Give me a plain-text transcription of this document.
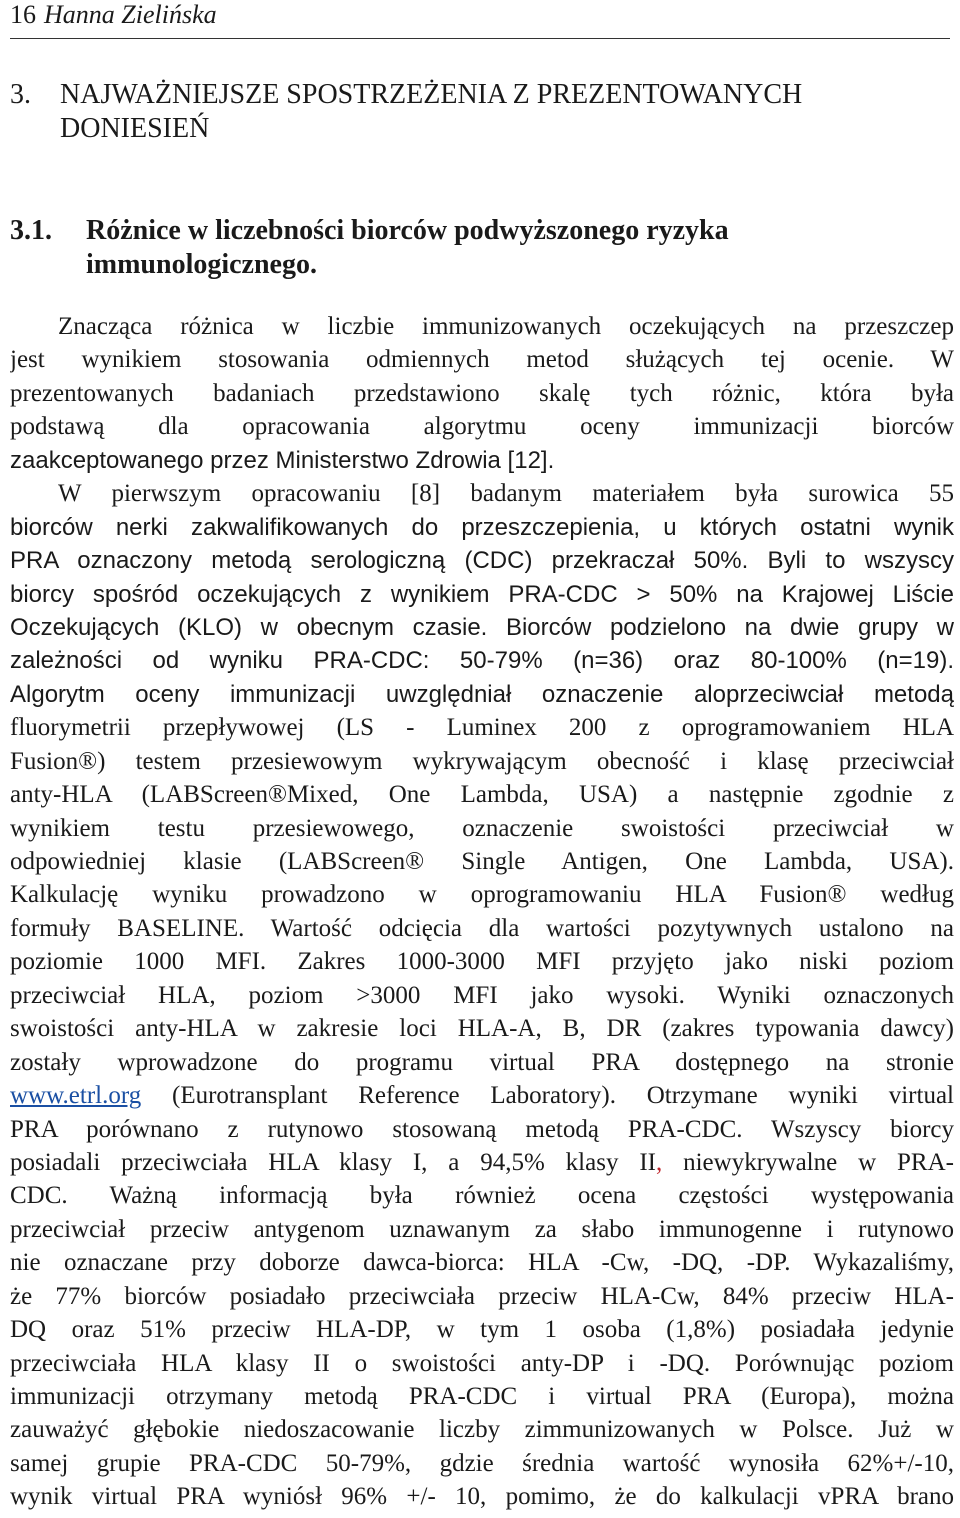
16 Hanna Zielińska
3. NAJWAŻNIEJSZE SPOSTRZEŻENIA Z PREZENTOWANYCH
DONIESIEŃ
3.1. Różnice w liczebności biorców podwyższonego ryzyka
immunologicznego.
Znacząca różnica w liczbie immunizowanych oczekujących na przeszczep
jest wynikiem stosowania odmiennych metod służących tej ocenie. W
prezentowanych badaniach przedstawiono skalę tych różnic, która była
podstawą dla opracowania algorytmu oceny immunizacji biorców
zaakceptowanego przez Ministerstwo Zdrowia [12].
W pierwszym opracowaniu [8] badanym materiałem była surowica 55
biorców nerki zakwalifikowanych do przeszczepienia, u których ostatni wynik
PRA oznaczony metodą serologiczną (CDC) przekraczał 50%. Byli to wszyscy
biorcy spośród oczekujących z wynikiem PRA-CDC > 50% na Krajowej Liście
Oczekujących (KLO) w obecnym czasie. Biorców podzielono na dwie grupy w
zależności od wyniku PRA-CDC: 50-79% (n=36) oraz 80-100% (n=19).
Algorytm oceny immunizacji uwzględniał oznaczenie aloprzeciwciał metodą
fluorymetrii przepływowej (LS - Luminex 200 z oprogramowaniem HLA
Fusion®) testem przesiewowym wykrywającym obecność i klasę przeciwciał
anty-HLA (LABScreen®Mixed, One Lambda, USA) a następnie zgodnie z
wynikiem testu przesiewowego, oznaczenie swoistości przeciwciał w
odpowiedniej klasie (LABScreen® Single Antigen, One Lambda, USA).
Kalkulację wyniku prowadzono w oprogramowaniu HLA Fusion® według
formuły BASELINE. Wartość odcięcia dla wartości pozytywnych ustalono na
poziomie 1000 MFI. Zakres 1000-3000 MFI przyjęto jako niski poziom
przeciwciał HLA, poziom >3000 MFI jako wysoki. Wyniki oznaczonych
swoistości anty-HLA w zakresie loci HLA-A, B, DR (zakres typowania dawcy)
zostały wprowadzone do programu virtual PRA dostępnego na stronie
www.etrl.org (Eurotransplant Reference Laboratory). Otrzymane wyniki virtual
PRA porównano z rutynowo stosowaną metodą PRA-CDC. Wszyscy biorcy
posiadali przeciwciała HLA klasy I, a 94,5% klasy II, niewykrywalne w PRA-
CDC. Ważną informacją była również ocena częstości występowania
przeciwciał przeciw antygenom uznawanym za słabo immunogenne i rutynowo
nie oznaczane przy doborze dawca-biorca: HLA -Cw, -DQ, -DP. Wykazaliśmy,
że 77% biorców posiadało przeciwciała przeciw HLA-Cw, 84% przeciw HLA-
DQ oraz 51% przeciw HLA-DP, w tym 1 osoba (1,8%) posiadała jedynie
przeciwciała HLA klasy II o swoistości anty-DP i -DQ. Porównując poziom
immunizacji otrzymany metodą PRA-CDC i virtual PRA (Europa), można
zauważyć głębokie niedoszacowanie liczby zimmunizowanych w Polsce. Już w
samej grupie PRA-CDC 50-79%, gdzie średnia wartość wynosiła 62%+/-10,
wynik virtual PRA wyniósł 96% +/- 10, pomimo, że do kalkulacji vPRA brano
